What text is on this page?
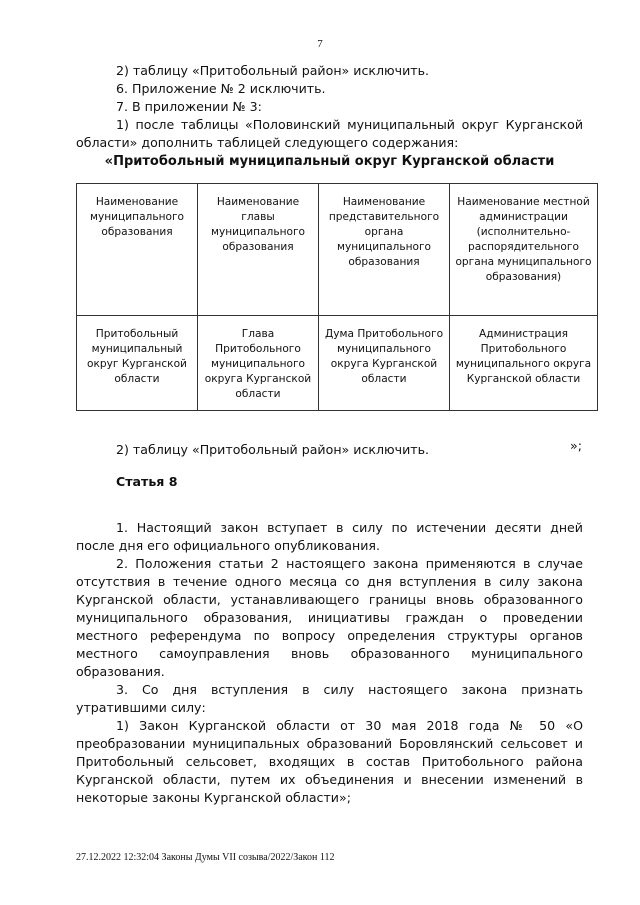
7

2) таблицу «Притобольный район» исключить.

6. Приложение № 2 исключить.

7. В приложении № 3:

1) после таблицы «Половинский муниципальный округ Курганской области» дополнить таблицей следующего содержания:

«Притобольный муниципальный округ Курганской области

Наименование муниципального образования	Наименование главы муниципального образования	Наименование представительного органа муниципального образования	Наименование местной администрации (исполнительно-распорядительного органа муниципального образования)
Притобольный муниципальный округ Курганской области	Глава Притобольного муниципального округа Курганской области	Дума Притобольного муниципального округа Курганской области	Администрация Притобольного муниципального округа Курганской области
»;

2) таблицу «Притобольный район» исключить.

Статья 8

1. Настоящий закон вступает в силу по истечении десяти дней после дня его официального опубликования.

2. Положения статьи 2 настоящего закона применяются в случае отсутствия в течение одного месяца со дня вступления в силу закона Курганской области, устанавливающего границы вновь образованного муниципального образования, инициативы граждан о проведении местного референдума по вопросу определения структуры органов местного самоуправления вновь образованного муниципального образования.

3. Со дня вступления в силу настоящего закона признать утратившими силу:

1) Закон Курганской области от 30 мая 2018 года № 50 «О преобразовании муниципальных образований Боровлянский сельсовет и Притобольный сельсовет, входящих в состав Притобольного района Курганской области, путем их объединения и внесении изменений в некоторые законы Курганской области»;

27.12.2022 12:32:04 Законы Думы VII созыва/2022/Закон 112
